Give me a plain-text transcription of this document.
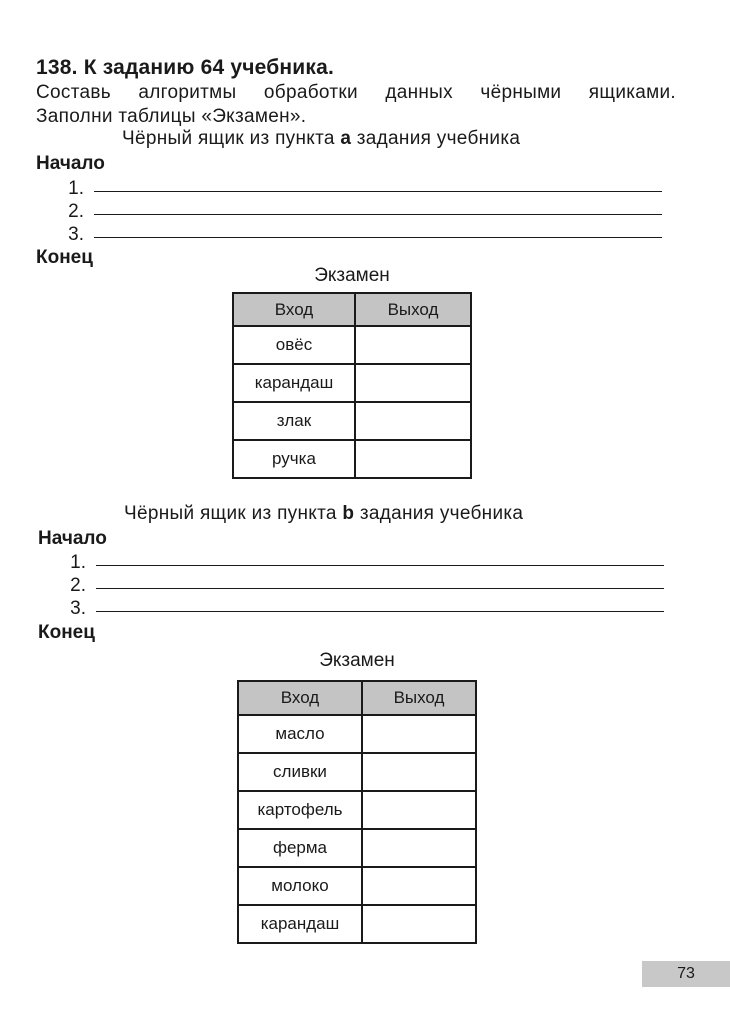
138. К заданию 64 учебника.
Составь алгоритмы обработки данных чёрными ящиками.
Заполни таблицы «Экзамен».
Чёрный ящик из пункта a задания учебника
Начало
1.
2.
3.
Конец
Экзамен
Вход	Выход
овёс	
карандаш	
злак	
ручка	
Чёрный ящик из пункта b задания учебника
Начало
1.
2.
3.
Конец
Экзамен
Вход	Выход
масло	
сливки	
картофель	
ферма	
молоко	
карандаш	
73
